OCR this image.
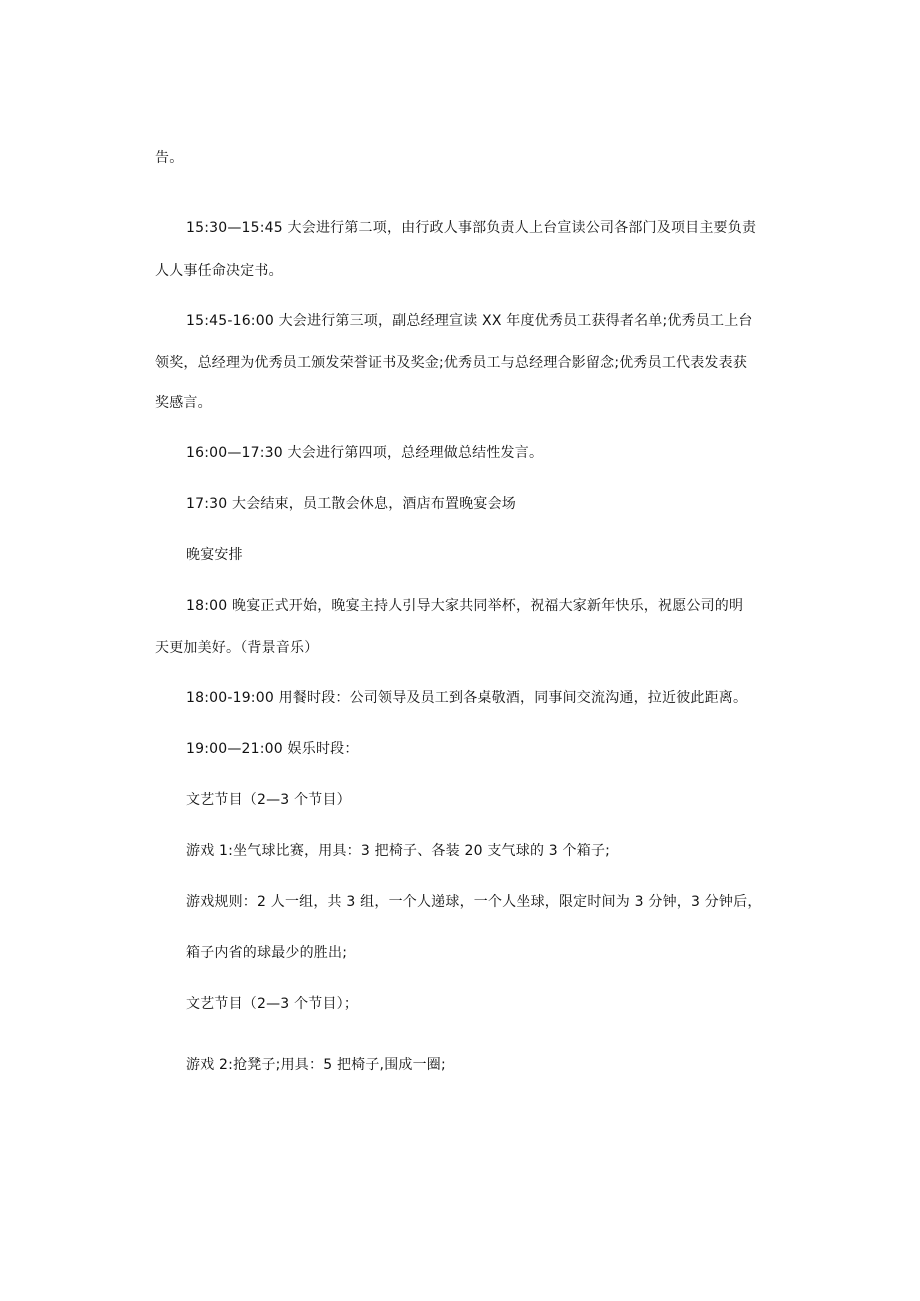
告。
15:30—15:45 大会进行第二项，由行政人事部负责人上台宣读公司各部门及项目主要负责
人人事任命决定书。
15:45-16:00 大会进行第三项，副总经理宣读 XX 年度优秀员工获得者名单;优秀员工上台
领奖，总经理为优秀员工颁发荣誉证书及奖金;优秀员工与总经理合影留念;优秀员工代表发表获
奖感言。
16:00—17:30 大会进行第四项，总经理做总结性发言。
17:30 大会结束，员工散会休息，酒店布置晚宴会场
晚宴安排
18:00 晚宴正式开始，晚宴主持人引导大家共同举杯，祝福大家新年快乐，祝愿公司的明
天更加美好。（背景音乐）
18:00-19:00 用餐时段：公司领导及员工到各桌敬酒，同事间交流沟通，拉近彼此距离。
19:00—21:00 娱乐时段：
文艺节目（2—3 个节目）
游戏 1:坐气球比赛，用具：3 把椅子、各装 20 支气球的 3 个箱子;
游戏规则：2 人一组，共 3 组，一个人递球，一个人坐球，限定时间为 3 分钟，3 分钟后，
箱子内省的球最少的胜出;
文艺节目（2—3 个节目）；
游戏 2:抢凳子;用具：5 把椅子,围成一圈;
